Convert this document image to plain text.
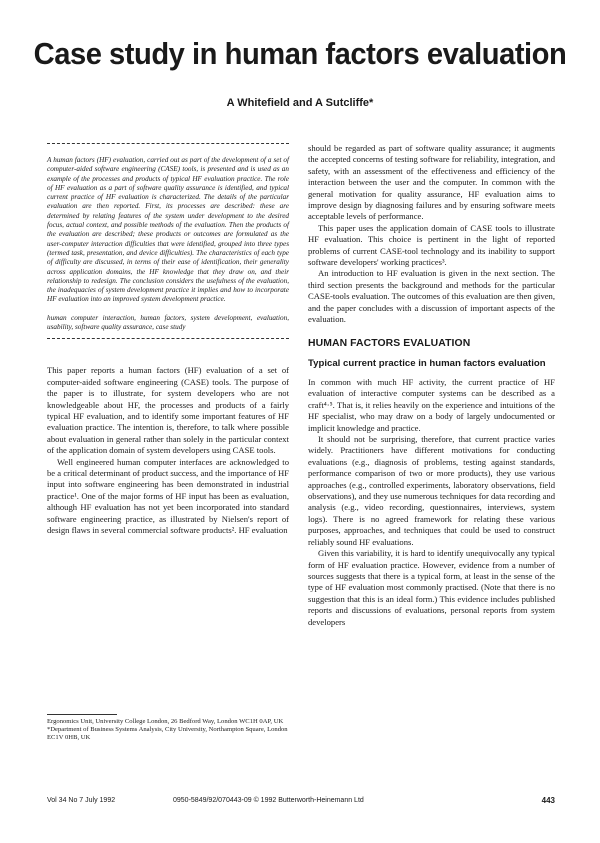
Case study in human factors evaluation

A Whitefield and A Sutcliffe*

A human factors (HF) evaluation, carried out as part of the development of a set of computer-aided software engineering (CASE) tools, is presented and is used as an example of the processes and products of typical HF evaluation practice. The role of HF evaluation as a part of software quality assurance is identified, and typical current practice of HF evaluation is characterized. The details of the particular evaluation are then reported. First, its processes are described: these are determined by relating features of the system under development to the desired focus, actual context, and possible methods of the evaluation. Then the products of the evaluation are described; these products or outcomes are formulated as the user-computer interaction difficulties that were identified, grouped into three types (termed task, presentation, and device difficulties). The characteristics of each type of difficulty are discussed, in terms of their ease of identification, their generality across application domains, the HF knowledge that they draw on, and their relationship to redesign. The conclusion considers the usefulness of the evaluation, the inadequacies of system development practice it implies and how to incorporate HF evaluation into an improved system development practice.

human computer interaction, human factors, system development, evaluation, usability, software quality assurance, case study

This paper reports a human factors (HF) evaluation of a set of computer-aided software engineering (CASE) tools. The purpose of the paper is to illustrate, for system developers who are not knowledgeable about HF, the processes and products of a fairly typical HF evaluation, and to identify some important features of HF evaluation practice. The intention is, therefore, to talk where possible about evaluation in general rather than solely in the particular context of the application domain of system developers using CASE tools.

Well engineered human computer interfaces are acknowledged to be a critical determinant of product success, and the importance of HF input into software engineering has been demonstrated in industrial practice¹. One of the major forms of HF input has been as evaluation, although HF evaluation has not yet been incorporated into standard software engineering practice, as illustrated by Nielsen's report of design flaws in several commercial software products². HF evaluation

should be regarded as part of software quality assurance; it augments the accepted concerns of testing software for reliability, integration, and safety, with an assessment of the effectiveness and efficiency of the interaction between the user and the computer. In common with the general motivation for quality assurance, HF evaluation aims to improve design by diagnosing failures and by ensuring software meets acceptable levels of performance.

This paper uses the application domain of CASE tools to illustrate HF evaluation. This choice is pertinent in the light of reported problems of current CASE-tool technology and its inability to support software developers' working practices³.

An introduction to HF evaluation is given in the next section. The third section presents the background and methods for the particular CASE-tools evaluation. The outcomes of this evaluation are then given, and the paper concludes with a discussion of important aspects of the evaluation.

HUMAN FACTORS EVALUATION
Typical current practice in human factors evaluation

In common with much HF activity, the current practice of HF evaluation of interactive computer systems can be described as a craft⁴·⁵. That is, it relies heavily on the experience and intuitions of the HF specialist, who may draw on a body of largely undocumented or implicit knowledge and practice.

It should not be surprising, therefore, that current practice varies widely. Practitioners have different motivations for conducting evaluations (e.g., diagnosis of problems, testing against standards, performance comparison of two or more products), they use various approaches (e.g., controlled experiments, laboratory observations, field observations), and they use numerous techniques for data recording and analysis (e.g., video recording, questionnaires, interviews, system logs). There is no agreed framework for relating these various purposes, approaches, and techniques that could be used to construct reliably sound HF evaluations.

Given this variability, it is hard to identify unequivocally any typical form of HF evaluation practice. However, evidence from a number of sources suggests that there is a typical form, at least in the sense of the type of HF evaluation most commonly practised. (Note that there is no suggestion that this is an ideal form.) This evidence includes published reports and discussions of evaluations, personal reports from system developers

Ergonomics Unit, University College London, 26 Bedford Way, London WC1H 0AP, UK

*Department of Business Systems Analysis, City University, Northampton Square, London EC1V 0HB, UK

Vol 34 No 7 July 1992	0950-5849/92/070443-09 © 1992 Butterworth-Heinemann Ltd	443
